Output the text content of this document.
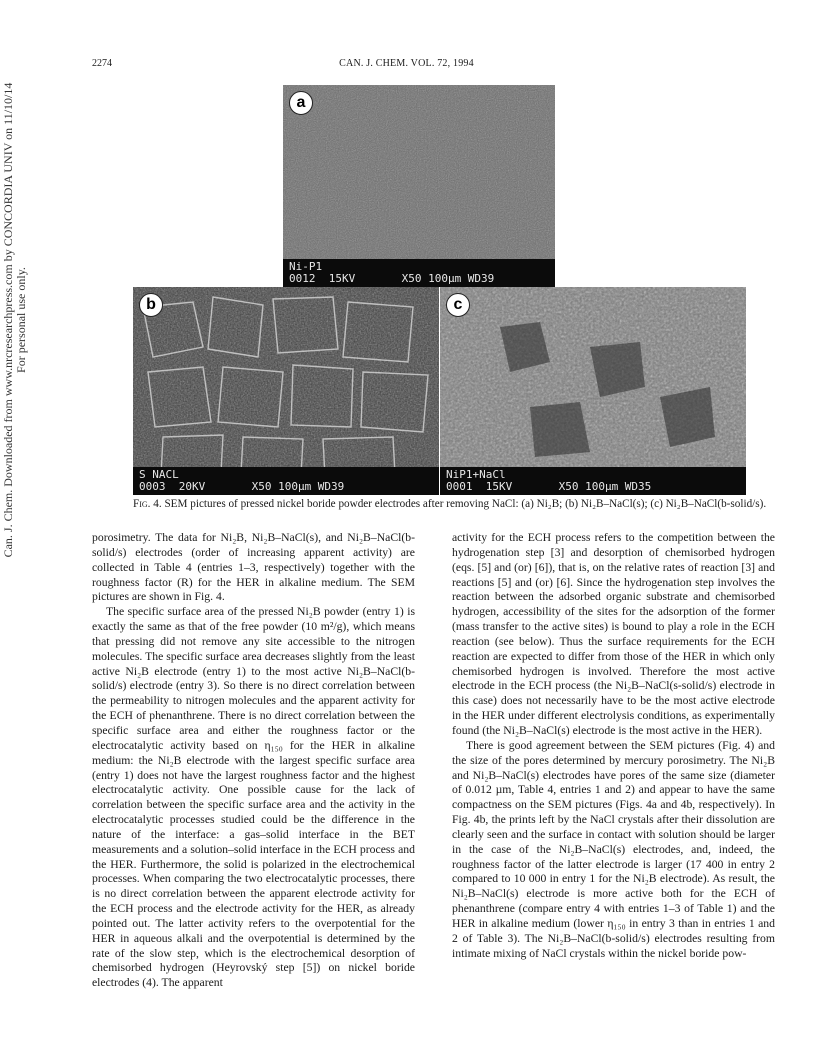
2274	CAN. J. CHEM. VOL. 72, 1994
Can. J. Chem. Downloaded from www.nrcresearchpress.com by CONCORDIA UNIV on 11/10/14 For personal use only.
a
Ni-P1
0012  15KV       X50 100µm WD39
b
S NACL
0003  20KV       X50 100µm WD39
c
NiP1+NaCl
0001  15KV       X50 100µm WD35
Fig. 4. SEM pictures of pressed nickel boride powder electrodes after removing NaCl: (a) Ni₂B; (b) Ni₂B–NaCl(s); (c) Ni₂B–NaCl(b-solid/s).

porosimetry. The data for Ni₂B, Ni₂B–NaCl(s), and Ni₂B–NaCl(b-solid/s) electrodes (order of increasing apparent activity) are collected in Table 4 (entries 1–3, respectively) together with the roughness factor (R) for the HER in alkaline medium. The SEM pictures are shown in Fig. 4.

The specific surface area of the pressed Ni₂B powder (entry 1) is exactly the same as that of the free powder (10 m²/g), which means that pressing did not remove any site accessible to the nitrogen molecules. The specific surface area decreases slightly from the least active Ni₂B electrode (entry 1) to the most active Ni₂B–NaCl(b-solid/s) electrode (entry 3). So there is no direct correlation between the permeability to nitrogen molecules and the apparent activity for the ECH of phenanthrene. There is no direct correlation between the specific surface area and either the roughness factor or the electrocatalytic activity based on η₁₅₀ for the HER in alkaline medium: the Ni₂B electrode with the largest specific surface area (entry 1) does not have the largest roughness factor and the highest electrocatalytic activity. One possible cause for the lack of correlation between the specific surface area and the activity in the electrocatalytic processes studied could be the difference in the nature of the interface: a gas–solid interface in the BET measurements and a solution–solid interface in the ECH process and the HER. Furthermore, the solid is polarized in the electrochemical processes. When comparing the two electrocatalytic processes, there is no direct correlation between the apparent electrode activity for the ECH process and the electrode activity for the HER, as already pointed out. The latter activity refers to the overpotential for the HER in aqueous alkali and the overpotential is determined by the rate of the slow step, which is the electrochemical desorption of chemisorbed hydrogen (Heyrovský step [5]) on nickel boride electrodes (4). The apparent

activity for the ECH process refers to the competition between the hydrogenation step [3] and desorption of chemisorbed hydrogen (eqs. [5] and (or) [6]), that is, on the relative rates of reaction [3] and reactions [5] and (or) [6]. Since the hydrogenation step involves the reaction between the adsorbed organic substrate and chemisorbed hydrogen, accessibility of the sites for the adsorption of the former (mass transfer to the active sites) is bound to play a role in the ECH reaction (see below). Thus the surface requirements for the ECH reaction are expected to differ from those of the HER in which only chemisorbed hydrogen is involved. Therefore the most active electrode in the ECH process (the Ni₂B–NaCl(s-solid/s) electrode in this case) does not necessarily have to be the most active electrode in the HER under different electrolysis conditions, as experimentally found (the Ni₂B–NaCl(s) electrode is the most active in the HER).

There is good agreement between the SEM pictures (Fig. 4) and the size of the pores determined by mercury porosimetry. The Ni₂B and Ni₂B–NaCl(s) electrodes have pores of the same size (diameter of 0.012 µm, Table 4, entries 1 and 2) and appear to have the same compactness on the SEM pictures (Figs. 4a and 4b, respectively). In Fig. 4b, the prints left by the NaCl crystals after their dissolution are clearly seen and the surface in contact with solution should be larger in the case of the Ni₂B–NaCl(s) electrodes, and, indeed, the roughness factor of the latter electrode is larger (17 400 in entry 2 compared to 10 000 in entry 1 for the Ni₂B electrode). As result, the Ni₂B–NaCl(s) electrode is more active both for the ECH of phenanthrene (compare entry 4 with entries 1–3 of Table 1) and the HER in alkaline medium (lower η₁₅₀ in entry 3 than in entries 1 and 2 of Table 3). The Ni₂B–NaCl(b-solid/s) electrodes resulting from intimate mixing of NaCl crystals within the nickel boride pow-
